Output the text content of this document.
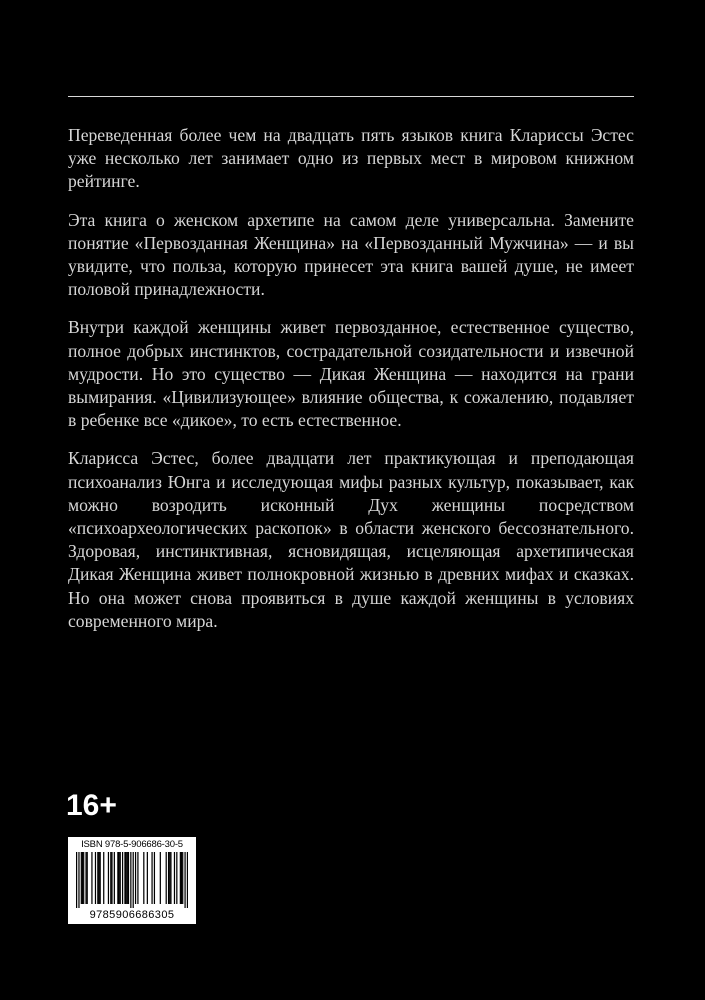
Переведенная более чем на двадцать пять языков книга Клариссы Эстес уже несколько лет занимает одно из первых мест в мировом книжном рейтинге.

Эта книга о женском архетипе на самом деле универсальна. Замените понятие «Первозданная Женщина» на «Первозданный Мужчина» — и вы увидите, что польза, которую принесет эта книга вашей душе, не имеет половой принадлежности.

Внутри каждой женщины живет первозданное, естественное существо, полное добрых инстинктов, сострадательной созидательности и извечной мудрости. Но это существо — Дикая Женщина — находится на грани вымирания. «Цивилизующее» влияние общества, к сожалению, подавляет в ребенке все «дикое», то есть естественное.

Кларисса Эстес, более двадцати лет практикующая и преподающая психоанализ Юнга и исследующая мифы разных культур, показывает, как можно возродить исконный Дух женщины посредством «психоархеологических раскопок» в области женского бессознательного. Здоровая, инстинктивная, ясновидящая, исцеляющая архетипическая Дикая Женщина живет полнокровной жизнью в древних мифах и сказках. Но она может снова проявиться в душе каждой женщины в условиях современного мира.

16+
ISBN 978-5-906686-30-5
9785906686305
